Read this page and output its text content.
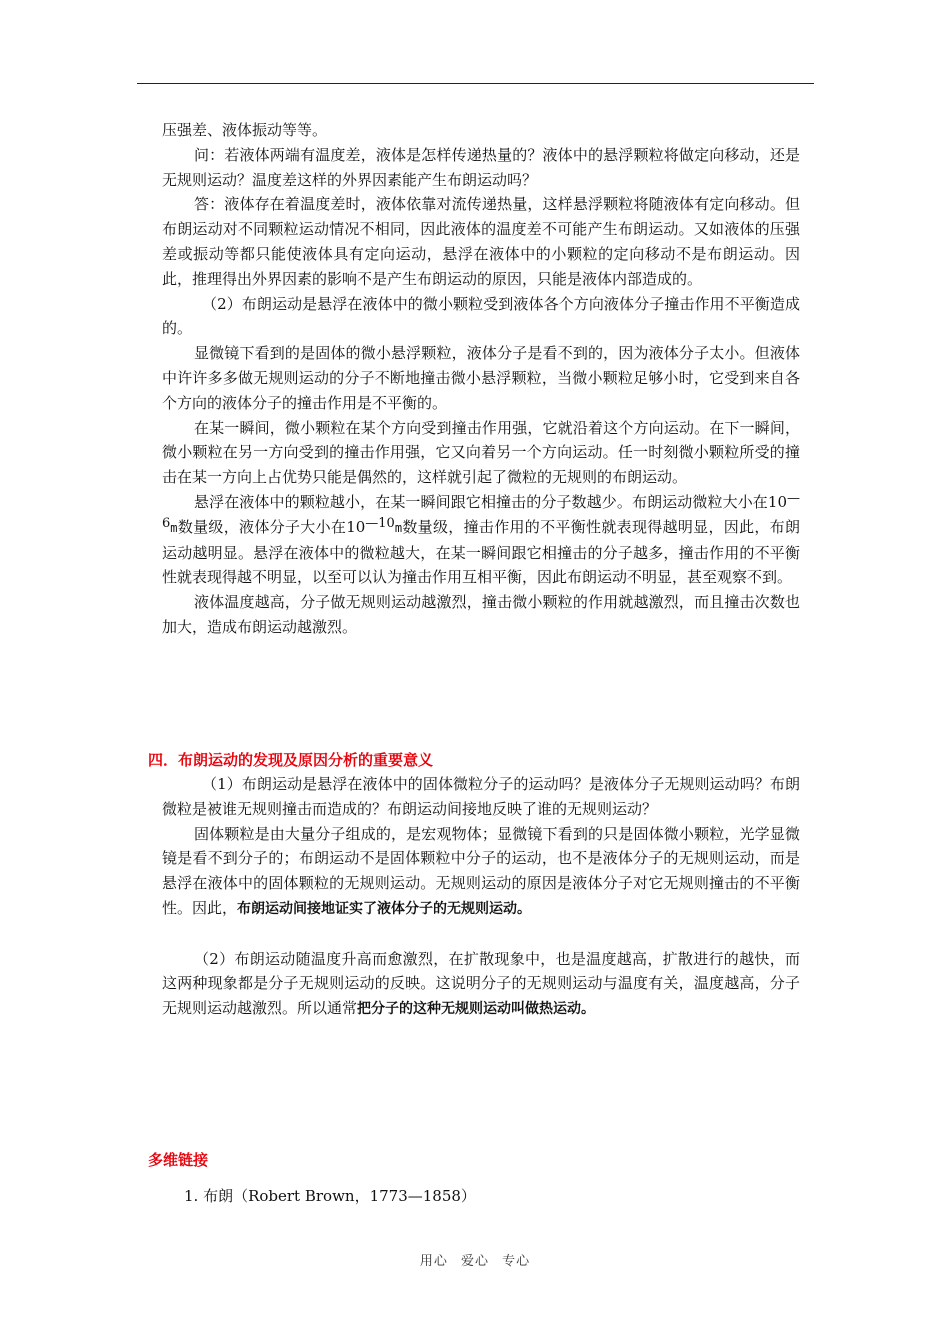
压强差、液体振动等等。

问：若液体两端有温度差，液体是怎样传递热量的？液体中的悬浮颗粒将做定向移动，还是无规则运动？温度差这样的外界因素能产生布朗运动吗？

答：液体存在着温度差时，液体依靠对流传递热量，这样悬浮颗粒将随液体有定向移动。但布朗运动对不同颗粒运动情况不相同，因此液体的温度差不可能产生布朗运动。又如液体的压强差或振动等都只能使液体具有定向运动，悬浮在液体中的小颗粒的定向移动不是布朗运动。因此，推理得出外界因素的影响不是产生布朗运动的原因，只能是液体内部造成的。

（2）布朗运动是悬浮在液体中的微小颗粒受到液体各个方向液体分子撞击作用不平衡造成的。

显微镜下看到的是固体的微小悬浮颗粒，液体分子是看不到的，因为液体分子太小。但液体中许许多多做无规则运动的分子不断地撞击微小悬浮颗粒，当微小颗粒足够小时，它受到来自各个方向的液体分子的撞击作用是不平衡的。

在某一瞬间，微小颗粒在某个方向受到撞击作用强，它就沿着这个方向运动。在下一瞬间，微小颗粒在另一方向受到的撞击作用强，它又向着另一个方向运动。任一时刻微小颗粒所受的撞击在某一方向上占优势只能是偶然的，这样就引起了微粒的无规则的布朗运动。

悬浮在液体中的颗粒越小，在某一瞬间跟它相撞击的分子数越少。布朗运动微粒大小在$10^{—6}m$数量级，液体分子大小在$10^{—10}m$数量级，撞击作用的不平衡性就表现得越明显，因此，布朗运动越明显。悬浮在液体中的微粒越大，在某一瞬间跟它相撞击的分子越多，撞击作用的不平衡性就表现得越不明显，以至可以认为撞击作用互相平衡，因此布朗运动不明显，甚至观察不到。

液体温度越高，分子做无规则运动越激烈，撞击微小颗粒的作用就越激烈，而且撞击次数也加大，造成布朗运动越激烈。

四．布朗运动的发现及原因分析的重要意义

（1）布朗运动是悬浮在液体中的固体微粒分子的运动吗？是液体分子无规则运动吗？布朗微粒是被谁无规则撞击而造成的？布朗运动间接地反映了谁的无规则运动？

固体颗粒是由大量分子组成的，是宏观物体；显微镜下看到的只是固体微小颗粒，光学显微镜是看不到分子的；布朗运动不是固体颗粒中分子的运动，也不是液体分子的无规则运动，而是悬浮在液体中的固体颗粒的无规则运动。无规则运动的原因是液体分子对它无规则撞击的不平衡性。因此，布朗运动间接地证实了液体分子的无规则运动。

（2）布朗运动随温度升高而愈激烈，在扩散现象中，也是温度越高，扩散进行的越快，而这两种现象都是分子无规则运动的反映。这说明分子的无规则运动与温度有关，温度越高，分子无规则运动越激烈。所以通常把分子的这种无规则运动叫做热运动。

多维链接

1. 布朗（Robert Brown，1773—1858）

用心 爱心 专心
